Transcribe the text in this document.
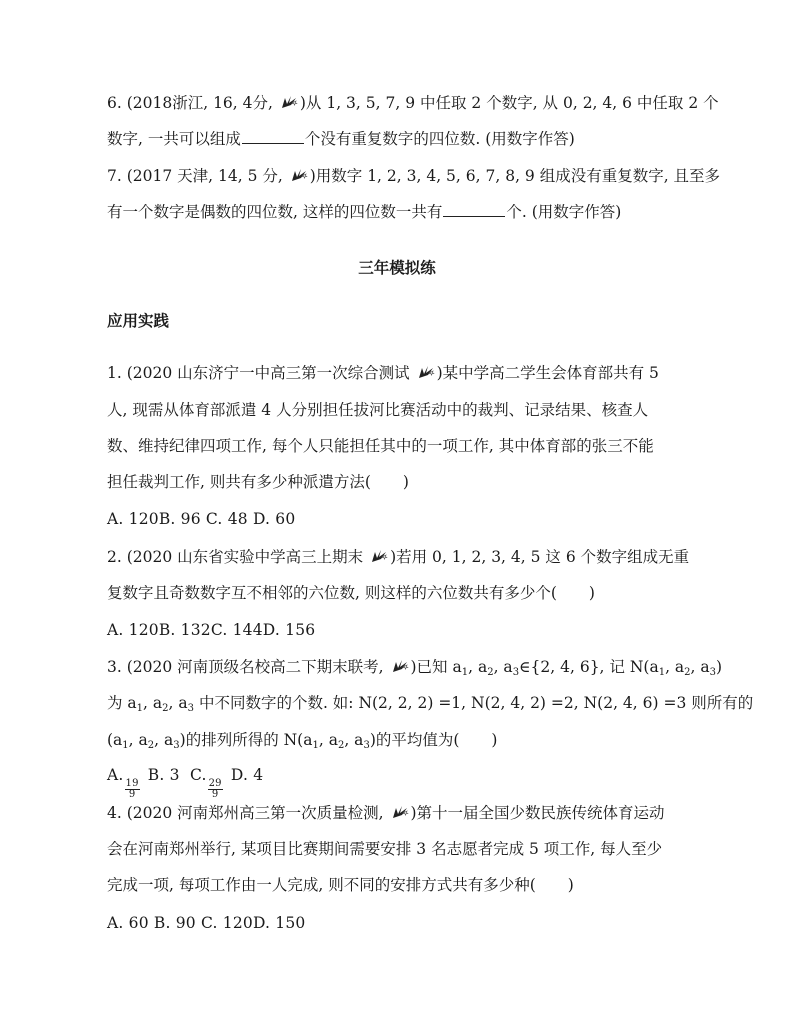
6. (2018浙江, 16, 4分, )从 1, 3, 5, 7, 9 中任取 2 个数字, 从 0, 2, 4, 6 中任取 2 个
数字, 一共可以组成	个没有重复数字的四位数. (用数字作答)
7. (2017 天津, 14, 5 分, )用数字 1, 2, 3, 4, 5, 6, 7, 8, 9 组成没有重复数字, 且至多
有一个数字是偶数的四位数, 这样的四位数一共有	个. (用数字作答)
三年模拟练
应用实践
1. (2020 山东济宁一中高三第一次综合测试 )某中学高二学生会体育部共有 5
人, 现需从体育部派遣 4 人分别担任拔河比赛活动中的裁判、记录结果、核查人
数、维持纪律四项工作, 每个人只能担任其中的一项工作, 其中体育部的张三不能
担任裁判工作, 则共有多少种派遣方法( )
A. 120B. 96 C. 48 D. 60
2. (2020 山东省实验中学高三上期末 )若用 0, 1, 2, 3, 4, 5 这 6 个数字组成无重
复数字且奇数数字互不相邻的六位数, 则这样的六位数共有多少个( )
A. 120B. 132C. 144D. 156
3. (2020 河南顶级名校高二下期末联考, )已知 $a_1$, $a_2$, $a_3\in\{2$, 4, 6}, 记 $N(a_1$, $a_2$, $a_3$)
为 $a_1$, $a_2$, $a_3$ 中不同数字的个数. 如: N(2, 2, 2) =1, N(2, 4, 2) =2, N(2, 4, 6) =3 则所有的
($a_1$, $a_2$, $a_3$)的排列所得的 $N(a_1$, $a_2$, $a_3$)的平均值为( )
A.
$\frac{19}{9}$
B. 3 C.
$\frac{29}{9}$
D. 4
4. (2020 河南郑州高三第一次质量检测, )第十一届全国少数民族传统体育运动
会在河南郑州举行, 某项目比赛期间需要安排 3 名志愿者完成 5 项工作, 每人至少
完成一项, 每项工作由一人完成, 则不同的安排方式共有多少种( )
A. 60 B. 90 C. 120D. 150
